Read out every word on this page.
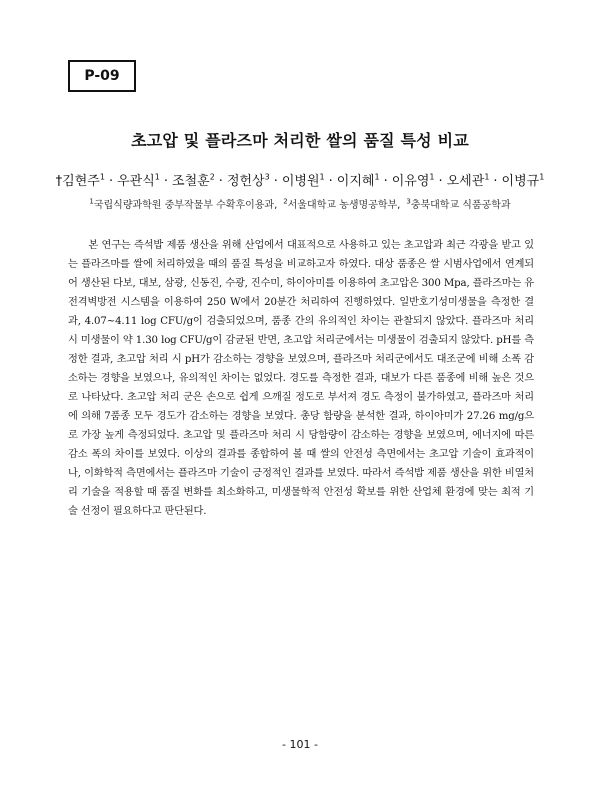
P-09
초고압 및 플라즈마 처리한 쌀의 품질 특성 비교
†김현주$^1$ · 우관식$^1$ · 조철훈$^2$ · 정헌상$^3$ · 이병원$^1$ · 이지혜$^1$ · 이유영$^1$ · 오세관$^1$ · 이병규$^1$
$^1$국립식량과학원 중부작물부 수확후이용과, $^2$서울대학교 농생명공학부, $^3$충북대학교 식품공학과

본 연구는 즉석밥 제품 생산을 위해 산업에서 대표적으로 사용하고 있는 초고압과 최근 각광을 받고 있는 플라즈마를 쌀에 처리하였을 때의 품질 특성을 비교하고자 하였다. 대상 품종은 쌀 시범사업에서 연계되어 생산된 다보, 대보, 삼광, 신동진, 수광, 진수미, 하이아미를 이용하여 초고압은 300 Mpa, 플라즈마는 유전격벽방전 시스템을 이용하여 250 W에서 20분간 처리하여 진행하였다. 일반호기성미생물을 측정한 결과, 4.07~4.11 log CFU/g이 검출되었으며, 품종 간의 유의적인 차이는 관찰되지 않았다. 플라즈마 처리 시 미생물이 약 1.30 log CFU/g이 감균된 반면, 초고압 처리군에서는 미생물이 검출되지 않았다. pH를 측정한 결과, 초고압 처리 시 pH가 감소하는 경향을 보였으며, 플라즈마 처리군에서도 대조군에 비해 소폭 감소하는 경향을 보였으나, 유의적인 차이는 없었다. 경도를 측정한 결과, 대보가 다른 품종에 비해 높은 것으로 나타났다. 초고압 처리 군은 손으로 쉽게 으깨질 정도로 부서져 경도 측정이 불가하였고, 플라즈마 처리에 의해 7품종 모두 경도가 감소하는 경향을 보였다. 총당 함량을 분석한 결과, 하이아미가 27.26 mg/g으로 가장 높게 측정되었다. 초고압 및 플라즈마 처리 시 당함량이 감소하는 경향을 보였으며, 에너지에 따른 감소 폭의 차이를 보였다. 이상의 결과를 종합하여 볼 때 쌀의 안전성 측면에서는 초고압 기술이 효과적이나, 이화학적 측면에서는 플라즈마 기술이 긍정적인 결과를 보였다. 따라서 즉석밥 제품 생산을 위한 비열처리 기술을 적용할 때 품질 변화를 최소화하고, 미생물학적 안전성 확보를 위한 산업체 환경에 맞는 최적 기술 선정이 필요하다고 판단된다.

- 101 -
